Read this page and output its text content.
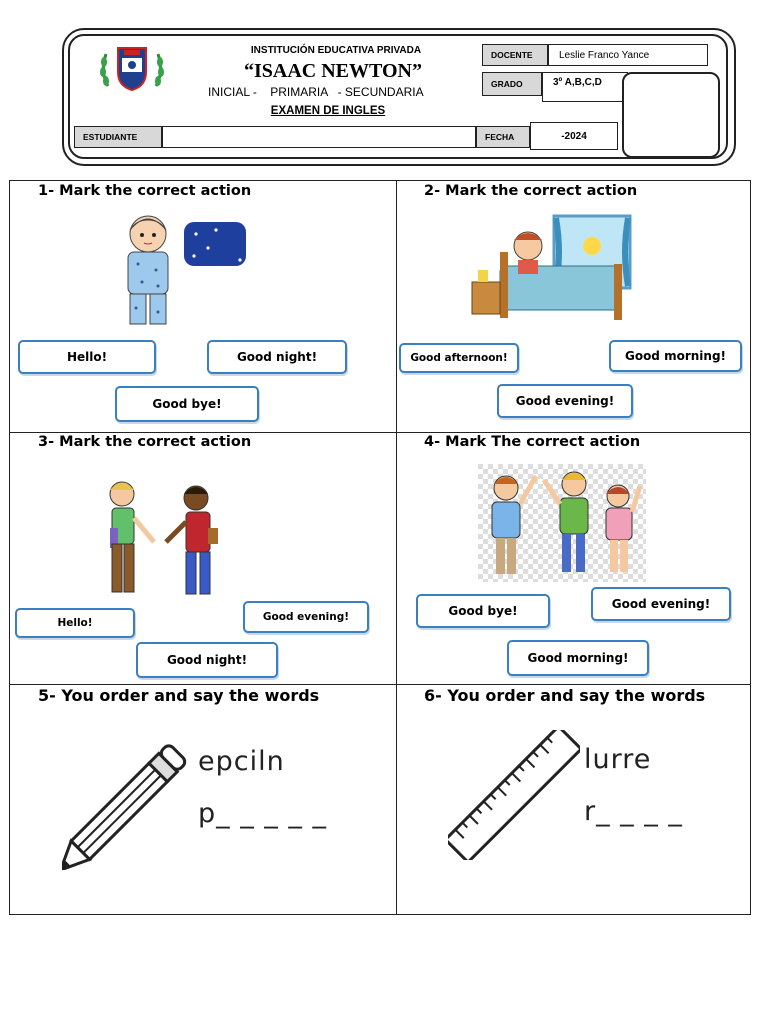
INSTITUCIÓN EDUCATIVA PRIVADA
“ISAAC NEWTON”
INICIAL -    PRIMARIA   - SECUNDARIA
EXAMEN DE INGLES
DOCENTE	Leslie Franco Yance
GRADO	3º A,B,C,D
ESTUDIANTE	FECHA	-2024
1- Mark the correct action
Hello!	Good night!
Good bye!
2- Mark the correct action
Good afternoon!	Good morning!
Good evening!
3- Mark the correct action
Hello!	Good evening!
Good night!
4- Mark The correct action
Good bye!	Good evening!
Good morning!
5- You order and say the words
epciln
p_ _ _ _ _
6- You order and say the words
lurre
r_ _ _ _
